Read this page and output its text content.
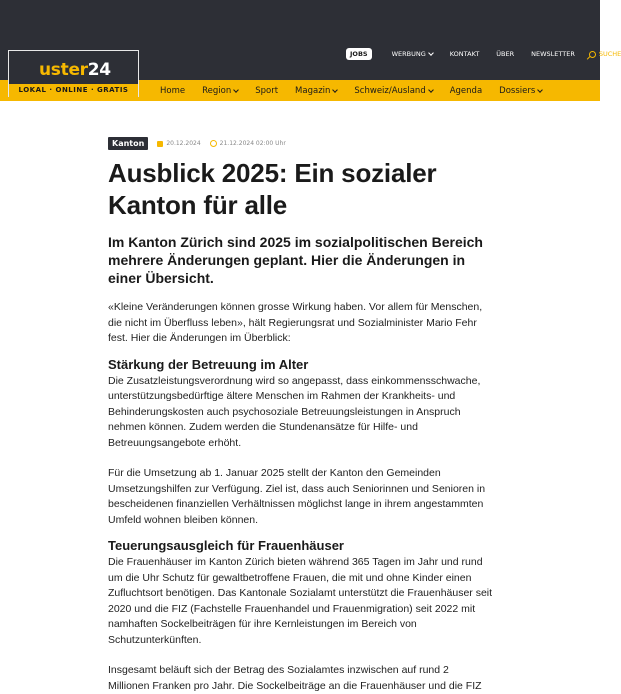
uster24
LOKAL · ONLINE · GRATIS
JOBS	WERBUNG	KONTAKT	ÜBER	NEWSLETTER	SUCHE
Home Region	Sport Magazin	Schweiz/Ausland	Agenda Dossiers
Kanton	20.12.2024	21.12.2024 02:00 Uhr
Ausblick 2025: Ein sozialer Kanton für alle
Im Kanton Zürich sind 2025 im sozialpolitischen Bereich mehrere Änderungen geplant. Hier die Änderungen in einer Übersicht.

«Kleine Veränderungen können grosse Wirkung haben. Vor allem für Menschen, die nicht im Überfluss leben», hält Regierungsrat und Sozialminister Mario Fehr fest. Hier die Änderungen im Überblick:

Stärkung der Betreuung im Alter

Die Zusatzleistungsverordnung wird so angepasst, dass einkommensschwache, unterstützungsbedürftige ältere Menschen im Rahmen der Krankheits- und Behinderungskosten auch psychosoziale Betreuungsleistungen in Anspruch nehmen können. Zudem werden die Stundenansätze für Hilfe- und Betreuungsangebote erhöht.

Für die Umsetzung ab 1. Januar 2025 stellt der Kanton den Gemeinden Umsetzungshilfen zur Verfügung. Ziel ist, dass auch Seniorinnen und Senioren in bescheidenen finanziellen Verhältnissen möglichst lange in ihrem angestammten Umfeld wohnen bleiben können.

Teuerungsausgleich für Frauenhäuser

Die Frauenhäuser im Kanton Zürich bieten während 365 Tagen im Jahr und rund um die Uhr Schutz für gewaltbetroffene Frauen, die mit und ohne Kinder einen Zufluchtsort benötigen. Das Kantonale Sozialamt unterstützt die Frauenhäuser seit 2020 und die FIZ (Fachstelle Frauenhandel und Frauenmigration) seit 2022 mit namhaften Sockelbeiträgen für ihre Kernleistungen im Bereich von Schutzunterkünften.

Insgesamt beläuft sich der Betrag des Sozialamtes inzwischen auf rund 2 Millionen Franken pro Jahr. Die Sockelbeiträge an die Frauenhäuser und die FIZ
